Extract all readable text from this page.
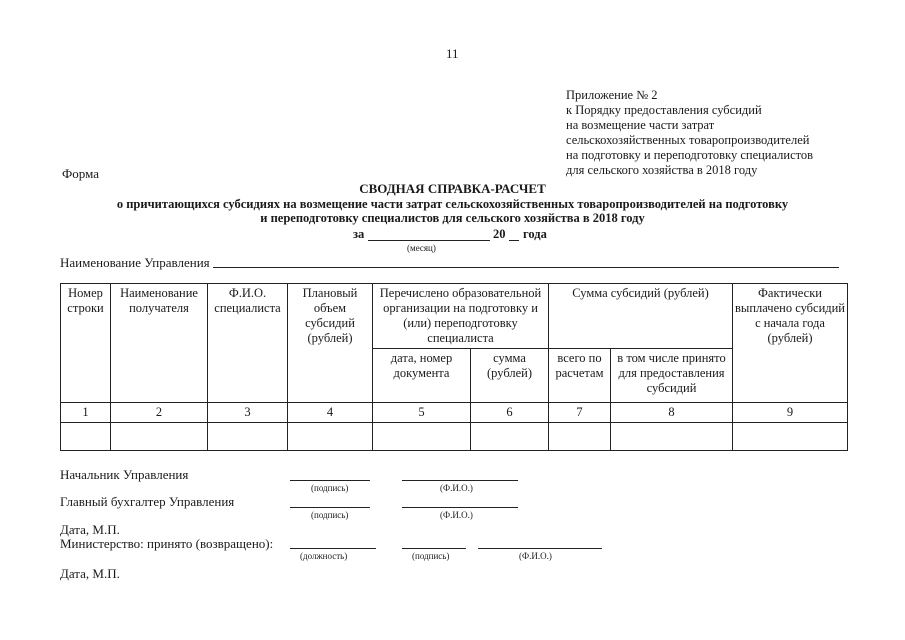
11
Приложение № 2
к Порядку предоставления субсидий
на возмещение части затрат
сельскохозяйственных товаропроизводителей
на подготовку и переподготовку специалистов
для сельского хозяйства в 2018 году
Форма
СВОДНАЯ СПРАВКА-РАСЧЕТ
о причитающихся субсидиях на возмещение части затрат сельскохозяйственных товаропроизводителей на подготовку
и переподготовку специалистов для сельского хозяйства в 2018 году
за	20 года
(месяц)
Наименование Управления
Номер строки	Наименование получателя	Ф.И.О. специалиста	Плановый объем субсидий (рублей)	Перечислено образовательной организации на подготовку и (или) переподготовку специалиста		Сумма субсидий (рублей)		Фактически выплачено субсидий с начала года (рублей)
				дата, номер документа	сумма (рублей)	всего по расчетам	в том числе принято для предоставления субсидий	
1	2	3	4	5	6	7	8	9

Начальник Управления
(подпись)	(Ф.И.О.)
Главный бухгалтер Управления
(подпись)	(Ф.И.О.)
Дата, М.П.
Министерство: принято (возвращено):
(должность)	(подпись)	(Ф.И.О.)
Дата, М.П.
